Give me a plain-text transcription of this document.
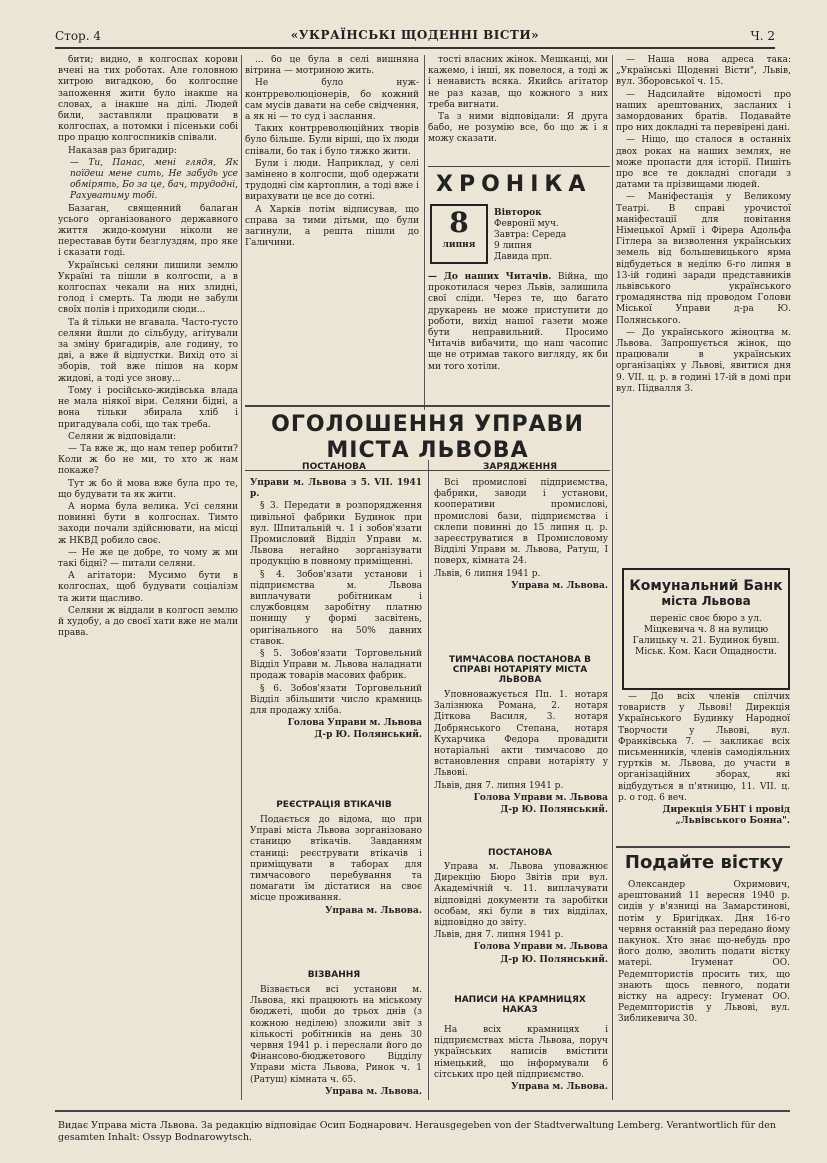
Стор. 4	«УКРАЇНСЬКІ ЩОДЕННІ ВІСТИ»	Ч. 2

бити; видно, в колгоспах корови вчені на тих роботах. Але головною хитрою вигадкою, бо колгоспне запоження жити було інакше на словах, а інакше на ділі. Людей били, заставляли працювати в колгоспах, а потомки і пісеньки собі про працю колгоспників співали.

Наказав раз бригадир:

— Ти, Панас, мені глядя, Як поїдеш мене сить, Не забудь усе обмірять, Бо за це, бач, трудодні, Рахуватиму тобі.

Базаган, священний балаган усього організованого державного життя жидо-комуни ніколи не переставав бути безглуздям, про яке і сказати годі.

Українські селяни лишили землю Україні та пішли в колгоспи, а в колгоспах чекали на них злидні, голод і смерть. Та люди не забули своїх полів і приходили сюди...

Та й тільки не вгавала. Часто-густо селяни йшли до сільбуду, агітували за зміну бригадирів, але годину, то дві, а вже й відпустки. Вихід ото зі зборів, той вже пішов на корм жидові, а тоді усе знову...

Тому і російсько-жидівська влада не мала ніякої віри. Селяни бідні, а вона тільки збирала хліб і пригадувала собі, що так треба.

Селяни ж відповідали:

— Та вже ж, що нам тепер робити? Коли ж бо не ми, то хто ж нам покаже?

Тут ж бо й мова вже була про те, що будувати та як жити.

А норма була велика. Усі селяни повинні бути в колгоспах. Тимто заходи почали здійснювати, на місці ж НКВД робило своє.

— Не же це добре, то чому ж ми такі бідні? — питали селяни.

А агітатори: Мусимо бути в колгоспах, щоб будувати соціалізм та жити щасливо.

Селяни ж віддали в колгосп землю й худобу, а до своєї хати вже не мали права.

... бо це була в селі вишняна вітрина — мотриною жить.

Не було нуж-контрреволюціонерів, бо кожний сам мусів давати на себе свідчення, а як ні — то суд і заслання.

Таких контрреволюційних творів було більше. Були вірші, що їх люди співали, бо так і було тяжко жити.

Були і люди. Наприклад, у селі замінено в колгоспи, щоб одержати трудодні сім картоплин, а тоді вже і вирахувати це все до сотні.

А Харків потім відписував, що справа за тими дітьми, що були загинули, а решта пішли до Галичини.

тості власних жінок. Мешканці, ми кажемо, і інші, як повелося, а тоді ж і ненависть всяка. Якийсь агітатор не раз казав, що кожного з них треба вигнати.

Та з ними відповідали: Я друга бабо, не розумію все, бо що ж і я можу сказати.

ХРОНІКА
8
липня
Вівторок
Февронії муч.
Завтра: Середа
9 липня
Давида прп.
— До наших Читачів. Війна, що прокотилася через Львів, залишила свої сліди. Через те, що багато друкарень не може приступити до роботи, вихід нашої газети може бути неправильний. Просимо Читачів вибачити, що наш часопис ще не отримав такого вигляду, як би ми того хотіли.

— Наша нова адреса така: „Українські Щоденні Вісти", Львів, вул. Зборовської ч. 15.

— Надсилайте відомості про наших арештованих, засланих і замордованих братів. Подавайте про них докладні та перевірені дані.

— Ніщо, що сталося в останніх двох роках на наших землях, не може пропасти для історії. Пишіть про все те докладні спогади з датами та прізвищами людей.

— Маніфестація у Великому Театрі. В справі урочистої маніфестації для повітання Німецької Армії і Фірера Адольфа Гітлера за визволення українських земель від большевицького ярма відбудеться в неділю 6-го липня в 13-ій годині заради представників львівського українського громадянства під проводом Голови Міської Управи д-ра Ю. Полянського.

— До українського жіноцтва м. Львова. Запрошується жінок, що працювали в українських організаціях у Львові, явитися дня 9. VII. ц. р. в годині 17-ій в домі при вул. Підвалля 3.

ОГОЛОШЕННЯ УПРАВИ МІСТА ЛЬВОВА
ПОСТАНОВА

Управи м. Львова з 5. VII. 1941 р.

§ 3. Передати в розпорядження цивільної фабрики Будинок при вул. Шпитальній ч. 1 і зобов'язати Промисловий Відділ Управи м. Львова негайно зорганізувати продукцію в повному приміщенні.

§ 4. Зобов'язати установи і підприємства м. Львова виплачувати робітникам і службовцям заробітну платню понищу у формі засвітень, оригінального на 50% давних ставок.

§ 5. Зобов'язати Торговельний Відділ Управи м. Львова наладнати продаж товарів масових фабрик.

§ 6. Зобов'язати Торговельний Відділ збільшити число крамниць для продажу хліба.

Голова Управи м. Львова

Д-р Ю. Полянський.

РЕЄСТРАЦІЯ ВТІКАЧІВ

Подається до відома, що при Управі міста Львова зорганізовано станицю втікачів. Завданням станиці: реєструвати втікачів і приміщувати в таборах для тимчасового перебування та помагати їм дістатися на своє місце проживання.

Управа м. Львова.

ВІЗВАННЯ

Візвається всі установи м. Львова, які працюють на міському бюджеті, щоби до трьох днів (з кожною неділею) зложили звіт з кількості робітників на день 30 червня 1941 р. і переслали його до Фінансово-бюджетового Відділу Управи міста Львова, Ринок ч. 1 (Ратуш) кімната ч. 65.

Управа м. Львова.

ЗАРЯДЖЕННЯ

Всі промислові підприємства, фабрики, заводи і установи, кооперативи промислові, промислові бази, підприємства і склепи повинні до 15 липня ц. р. зареєструватися в Промисловому Відділі Управи м. Львова, Ратуш, I поверх, кімната 24.

Львів, 6 липня 1941 р.

Управа м. Львова.

ТИМЧАСОВА ПОСТАНОВА В СПРАВІ НОТАРІЯТУ МІСТА ЛЬВОВА

Уповноважується Пп. 1. нотаря Залізнюка Романа, 2. нотаря Діткова Василя, 3. нотаря Добрянського Степана, нотаря Кухарчика Федора провадити нотаріальні акти тимчасово до встановлення справи нотаріяту у Львові.

Львів, дня 7. липня 1941 р.

Голова Управи м. Львова

Д-р Ю. Полянський.

ПОСТАНОВА

Управа м. Львова уповажнює Дирекцію Бюро Звітів при вул. Академічній ч. 11. виплачувати відповідні документи та заробітки особам, які були в тих відділах, відповідно до звіту.

Львів, дня 7. липня 1941 р.

Голова Управи м. Львова

Д-р Ю. Полянський.

НАПИСИ НА КРАМНИЦЯХ НАКАЗ

На всіх крамницях і підприємствах міста Львова, поруч українських написів вмістити німецький, що інформували б сітських про цей підприємство.

Управа м. Львова.

Комунальний Банк
міста Львова
переніс своє бюро з ул. Міцкевича ч. 8 на вулицю Галицьку ч. 21. Будинок бувш. Міськ. Ком. Каси Ощадности.

— До всіх членів спілчих товариств у Львові! Дирекція Українського Будинку Народної Творчости у Львові, вул. Франківська 7. — закликає всіх письменників, членів самодіяльних гуртків м. Львова, до участи в організаційних зборах, які відбудуться в п'ятницю, 11. VII. ц. р. о год. 6 веч.

Дирекція УБНТ і провід „Львівського Бояна".

Подайте вістку

Олександер Охримович, арештований 11 вересня 1940 р. сидів у в'язниці на Замарстинові, потім у Бригідках. Дня 16-го червня останній раз передано йому пакунок. Хто знає що-небудь про його долю, зволить подати вістку матері. Ігуменат ОО. Редемптористів просить тих, що знають щось певного, подати вістку на адресу: Ігуменат ОО. Редемптористів у Львові, вул. Зибликевича 30.

Видає Управа міста Львова. За редакцію відповідає Осип Боднарович. Herausgegeben von der Stadtverwaltung Lemberg. Verantwortlich für den gesamten Inhalt: Ossyp Bodnarowytsch.
